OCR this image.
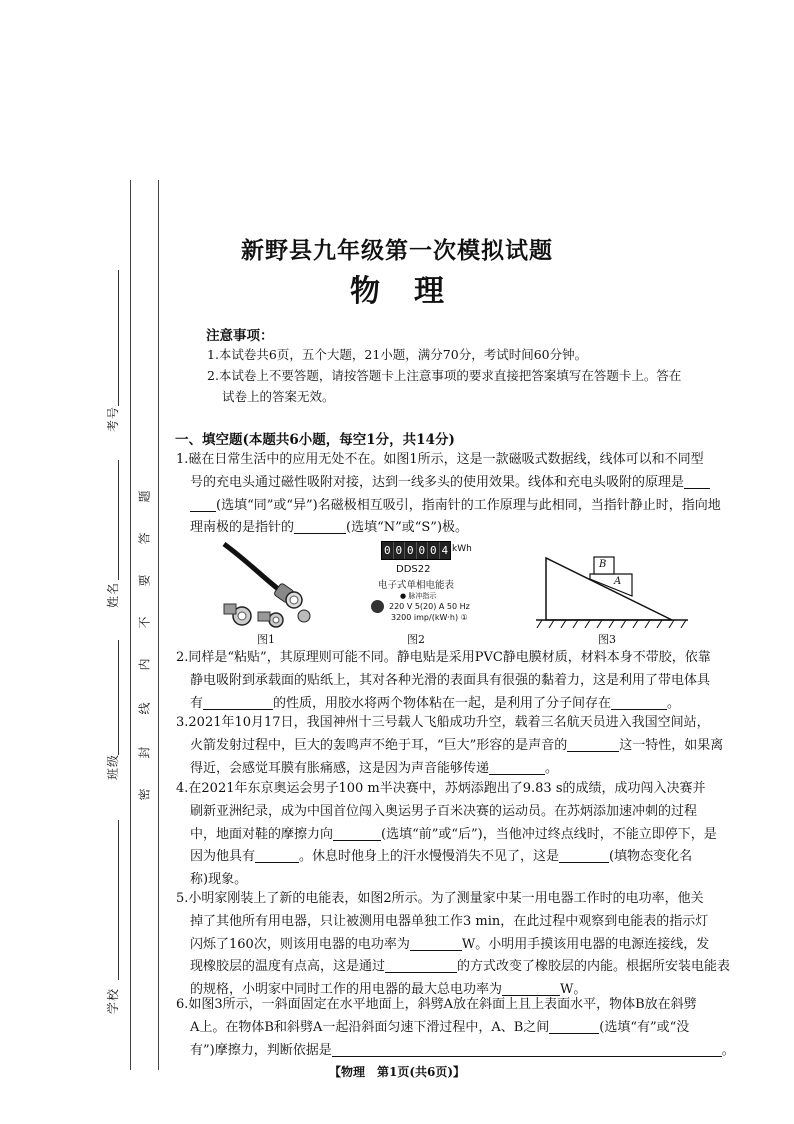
考号
姓名
班级
学校
题
答
要
不
内
线
封
密
新野县九年级第一次模拟试题
物理
注意事项：
1.本试卷共6页，五个大题，21小题，满分70分，考试时间60分钟。
2.本试卷上不要答题，请按答题卡上注意事项的要求直接把答案填写在答题卡上。答在
试卷上的答案无效。
一、填空题(本题共6小题，每空1分，共14分)
1.磁在日常生活中的应用无处不在。如图1所示，这是一款磁吸式数据线，线体可以和不同型
号的充电头通过磁性吸附对接，达到一线多头的使用效果。线体和充电头吸附的原理是
(选填“同”或“异”)名磁极相互吸引，指南针的工作原理与此相同，当指针静止时，指向地
理南极的是指针的	(选填“N”或“S”)极。
图1
0 0 0 0 0 4 kWh
DDS22
电子式单相电能表
● 脉冲指示
220 V 5(20) A 50 Hz
3200 imp/(kW·h) ①
图2
B
A
图3
2.同样是“粘贴”，其原理则可能不同。静电贴是采用PVC静电膜材质，材料本身不带胶，依靠
静电吸附到承载面的贴纸上，其对各种光滑的表面具有很强的黏着力，这是利用了带电体具
有	的性质，用胶水将两个物体粘在一起，是利用了分子间存在	。
3.2021年10月17日，我国神州十三号载人飞船成功升空，载着三名航天员进入我国空间站，
火箭发射过程中，巨大的轰鸣声不绝于耳，“巨大”形容的是声音的	这一特性，如果离
得近，会感觉耳膜有胀痛感，这是因为声音能够传递	。
4.在2021年东京奥运会男子100 m半决赛中，苏炳添跑出了9.83 s的成绩，成功闯入决赛并
刷新亚洲纪录，成为中国首位闯入奥运男子百米决赛的运动员。在苏炳添加速冲刺的过程
中，地面对鞋的摩擦力向	(选填“前”或“后”)，当他冲过终点线时，不能立即停下，是
因为他具有	。休息时他身上的汗水慢慢消失不见了，这是	(填物态变化名
称)现象。
5.小明家刚装上了新的电能表，如图2所示。为了测量家中某一用电器工作时的电功率，他关
掉了其他所有用电器，只让被测用电器单独工作3 min，在此过程中观察到电能表的指示灯
闪烁了160次，则该用电器的电功率为	W。小明用手摸该用电器的电源连接线，发
现橡胶层的温度有点高，这是通过	的方式改变了橡胶层的内能。根据所安装电能表
的规格，小明家中同时工作的用电器的最大总电功率为	W。
6.如图3所示，一斜面固定在水平地面上，斜劈A放在斜面上且上表面水平，物体B放在斜劈
A上。在物体B和斜劈A一起沿斜面匀速下滑过程中，A、B之间	(选填“有”或“没
有”)摩擦力，判断依据是	。
【物理　第1页(共6页)】
